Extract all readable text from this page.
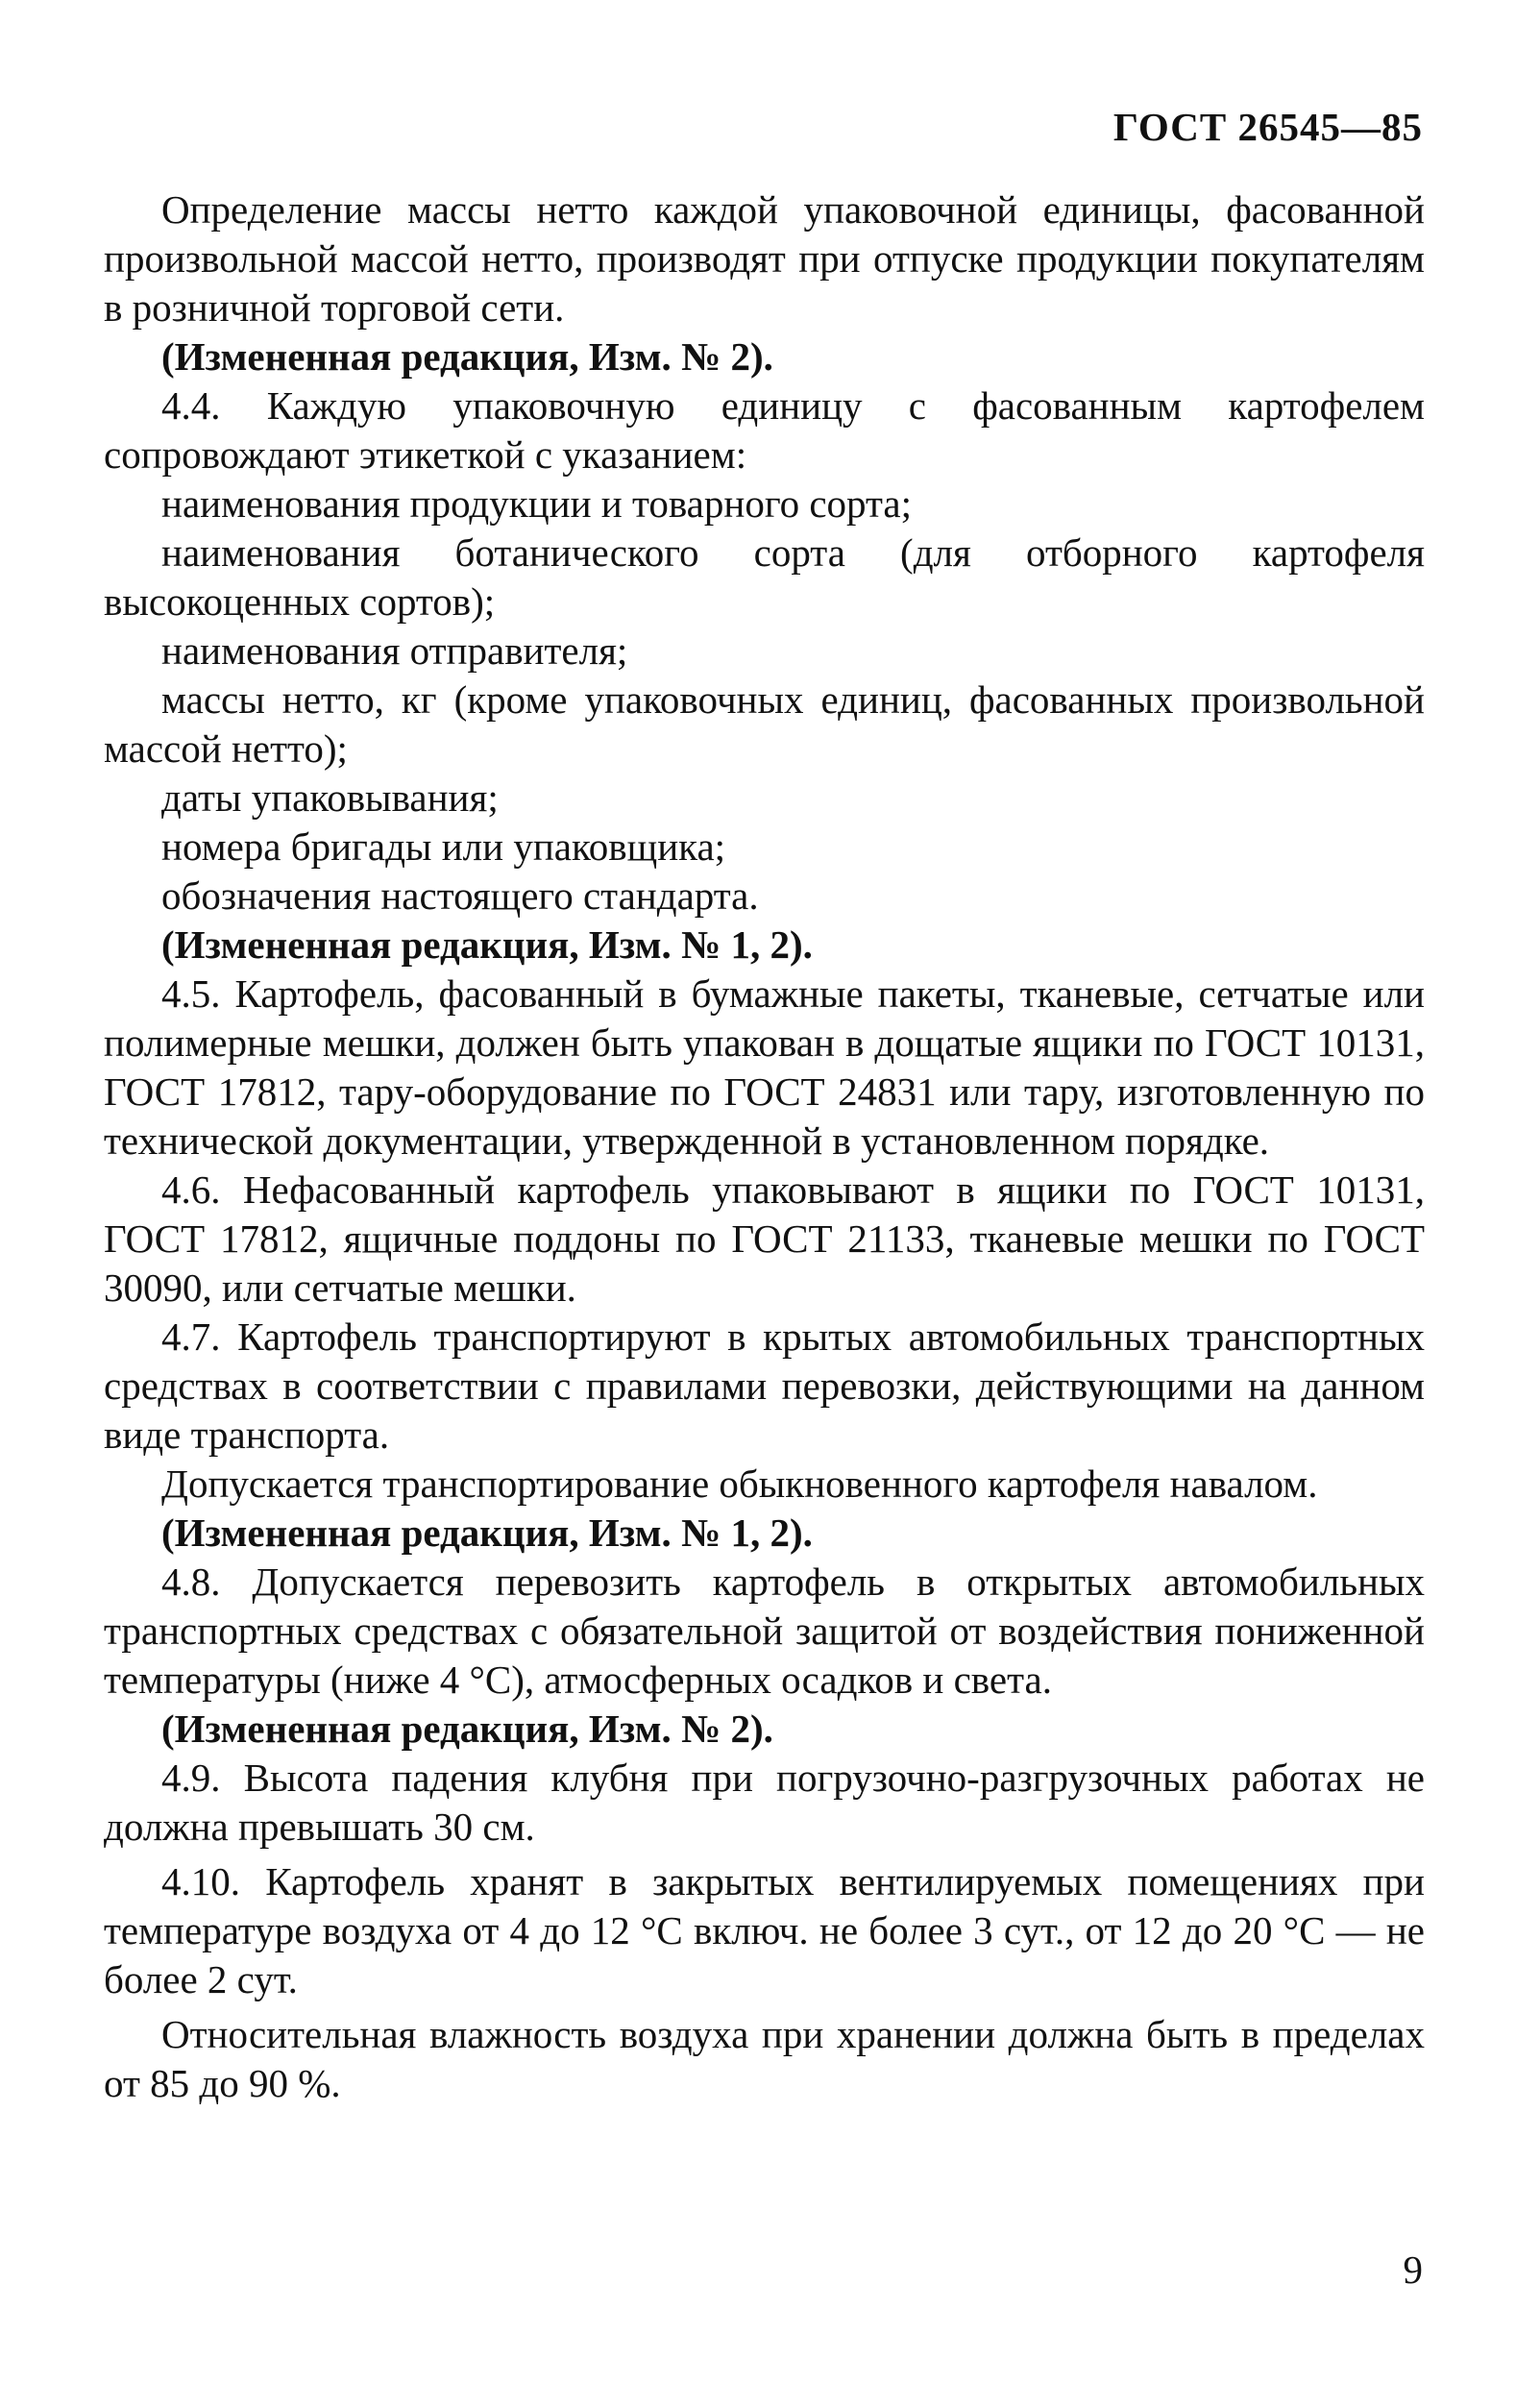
ГОСТ 26545—85

Определение массы нетто каждой упаковочной единицы, фасованной произвольной массой нетто, производят при отпуске продукции покупателям в розничной торговой сети.

(Измененная редакция, Изм. № 2).

4.4. Каждую упаковочную единицу с фасованным картофелем сопровождают этикеткой с указанием:

наименования продукции и товарного сорта;

наименования ботанического сорта (для отборного картофеля высокоценных сортов);

наименования отправителя;

массы нетто, кг (кроме упаковочных единиц, фасованных произвольной массой нетто);

даты упаковывания;

номера бригады или упаковщика;

обозначения настоящего стандарта.

(Измененная редакция, Изм. № 1, 2).

4.5. Картофель, фасованный в бумажные пакеты, тканевые, сетчатые или полимерные мешки, должен быть упакован в дощатые ящики по ГОСТ 10131, ГОСТ 17812, тару-оборудование по ГОСТ 24831 или тару, изготовленную по технической документации, утвержденной в установленном порядке.

4.6. Нефасованный картофель упаковывают в ящики по ГОСТ 10131, ГОСТ 17812, ящичные поддоны по ГОСТ 21133, тканевые мешки по ГОСТ 30090, или сетчатые мешки.

4.7. Картофель транспортируют в крытых автомобильных транспортных средствах в соответствии с правилами перевозки, действующими на данном виде транспорта.

Допускается транспортирование обыкновенного картофеля навалом.

(Измененная редакция, Изм. № 1, 2).

4.8. Допускается перевозить картофель в открытых автомобильных транспортных средствах с обязательной защитой от воздействия пониженной температуры (ниже 4 °С), атмосферных осадков и света.

(Измененная редакция, Изм. № 2).

4.9. Высота падения клубня при погрузочно-разгрузочных работах не должна превышать 30 см.

4.10. Картофель хранят в закрытых вентилируемых помещениях при температуре воздуха от 4 до 12 °С включ. не более 3 сут., от 12 до 20 °С — не более 2 сут.

Относительная влажность воздуха при хранении должна быть в пределах от 85 до 90 %.

9
